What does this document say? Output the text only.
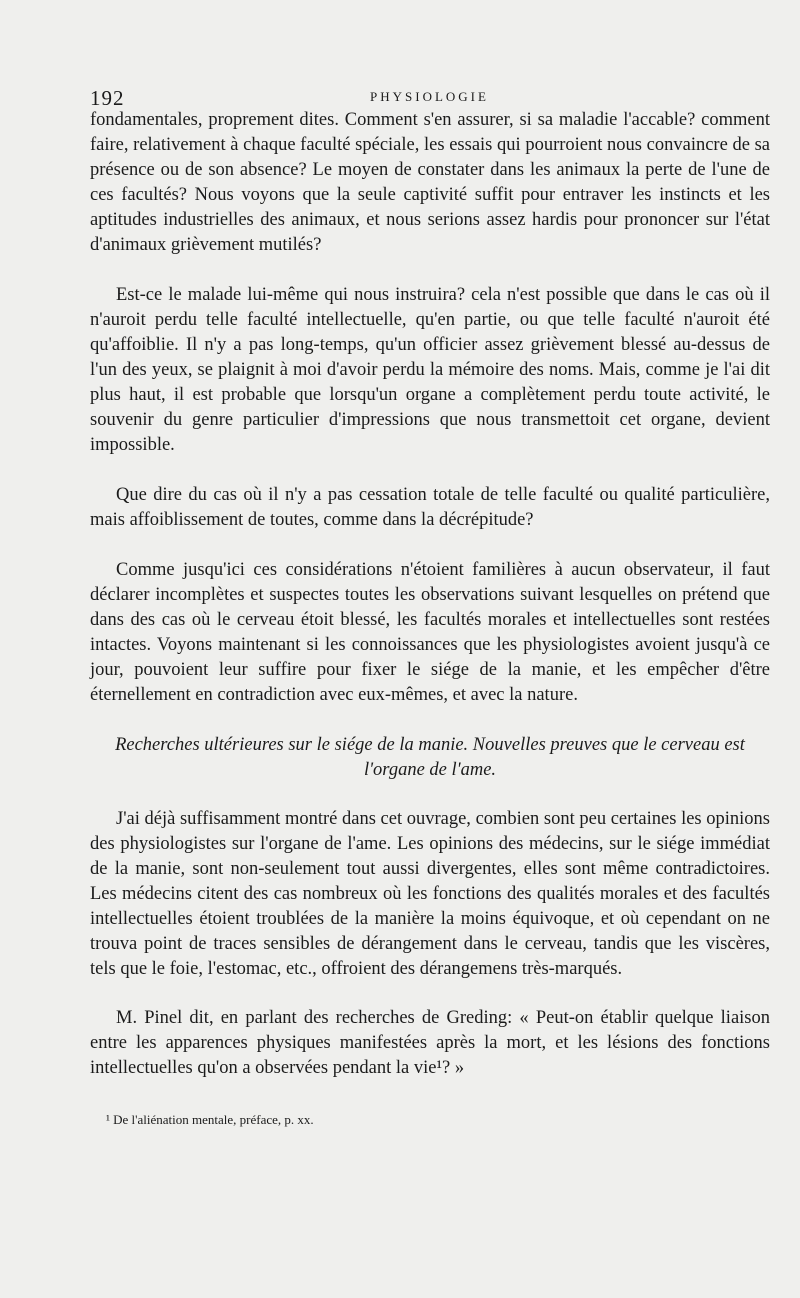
192	PHYSIOLOGIE

fondamentales, proprement dites. Comment s'en assurer, si sa maladie l'accable? comment faire, relativement à chaque faculté spéciale, les essais qui pourroient nous convaincre de sa présence ou de son absence? Le moyen de constater dans les animaux la perte de l'une de ces facultés? Nous voyons que la seule captivité suffit pour entraver les instincts et les aptitudes industrielles des animaux, et nous serions assez hardis pour prononcer sur l'état d'animaux grièvement mutilés?

Est-ce le malade lui-même qui nous instruira? cela n'est possible que dans le cas où il n'auroit perdu telle faculté intellectuelle, qu'en partie, ou que telle faculté n'auroit été qu'affoiblie. Il n'y a pas long-temps, qu'un officier assez grièvement blessé au-dessus de l'un des yeux, se plaignit à moi d'avoir perdu la mémoire des noms. Mais, comme je l'ai dit plus haut, il est probable que lorsqu'un organe a complètement perdu toute activité, le souvenir du genre particulier d'impressions que nous transmettoit cet organe, devient impossible.

Que dire du cas où il n'y a pas cessation totale de telle faculté ou qualité particulière, mais affoiblissement de toutes, comme dans la décrépitude?

Comme jusqu'ici ces considérations n'étoient familières à aucun observateur, il faut déclarer incomplètes et suspectes toutes les observations suivant lesquelles on prétend que dans des cas où le cerveau étoit blessé, les facultés morales et intellectuelles sont restées intactes. Voyons maintenant si les connoissances que les physiologistes avoient jusqu'à ce jour, pouvoient leur suffire pour fixer le siége de la manie, et les empêcher d'être éternellement en contradiction avec eux-mêmes, et avec la nature.

Recherches ultérieures sur le siége de la manie. Nouvelles preuves que le cerveau est l'organe de l'ame.

J'ai déjà suffisamment montré dans cet ouvrage, combien sont peu certaines les opinions des physiologistes sur l'organe de l'ame. Les opinions des médecins, sur le siége immédiat de la manie, sont non-seulement tout aussi divergentes, elles sont même contradictoires. Les médecins citent des cas nombreux où les fonctions des qualités morales et des facultés intellectuelles étoient troublées de la manière la moins équivoque, et où cependant on ne trouva point de traces sensibles de dérangement dans le cerveau, tandis que les viscères, tels que le foie, l'estomac, etc., offroient des dérangemens très-marqués.

M. Pinel dit, en parlant des recherches de Greding: « Peut-on établir quelque liaison entre les apparences physiques manifestées après la mort, et les lésions des fonctions intellectuelles qu'on a observées pendant la vie¹? »

¹ De l'aliénation mentale, préface, p. xx.
